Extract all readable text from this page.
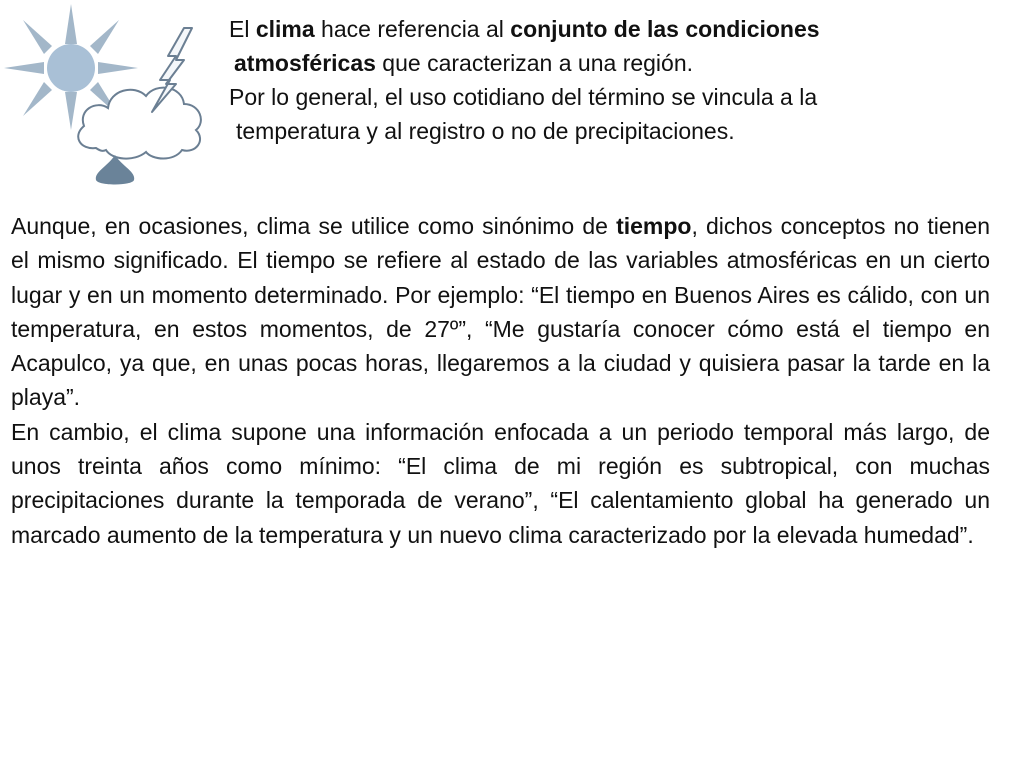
El clima hace referencia al conjunto de las condiciones

atmosféricas que caracterizan a una región.

Por lo general, el uso cotidiano del término se vincula a la

temperatura y al registro o no de precipitaciones.

Aunque, en ocasiones, clima se utilice como sinónimo de tiempo, dichos conceptos no tienen el mismo significado. El tiempo se refiere al estado de las variables atmosféricas en un cierto lugar y en un momento determinado. Por ejemplo: “El tiempo en Buenos Aires es cálido, con un temperatura, en estos momentos, de 27º”, “Me gustaría conocer cómo está el tiempo en Acapulco, ya que, en unas pocas horas, llegaremos a la ciudad y quisiera pasar la tarde en la playa”.

En cambio, el clima supone una información enfocada a un periodo temporal más largo, de unos treinta años como mínimo: “El clima de mi región es subtropical, con muchas precipitaciones durante la temporada de verano”, “El calentamiento global ha generado un marcado aumento de la temperatura y un nuevo clima caracterizado por la elevada humedad”.
